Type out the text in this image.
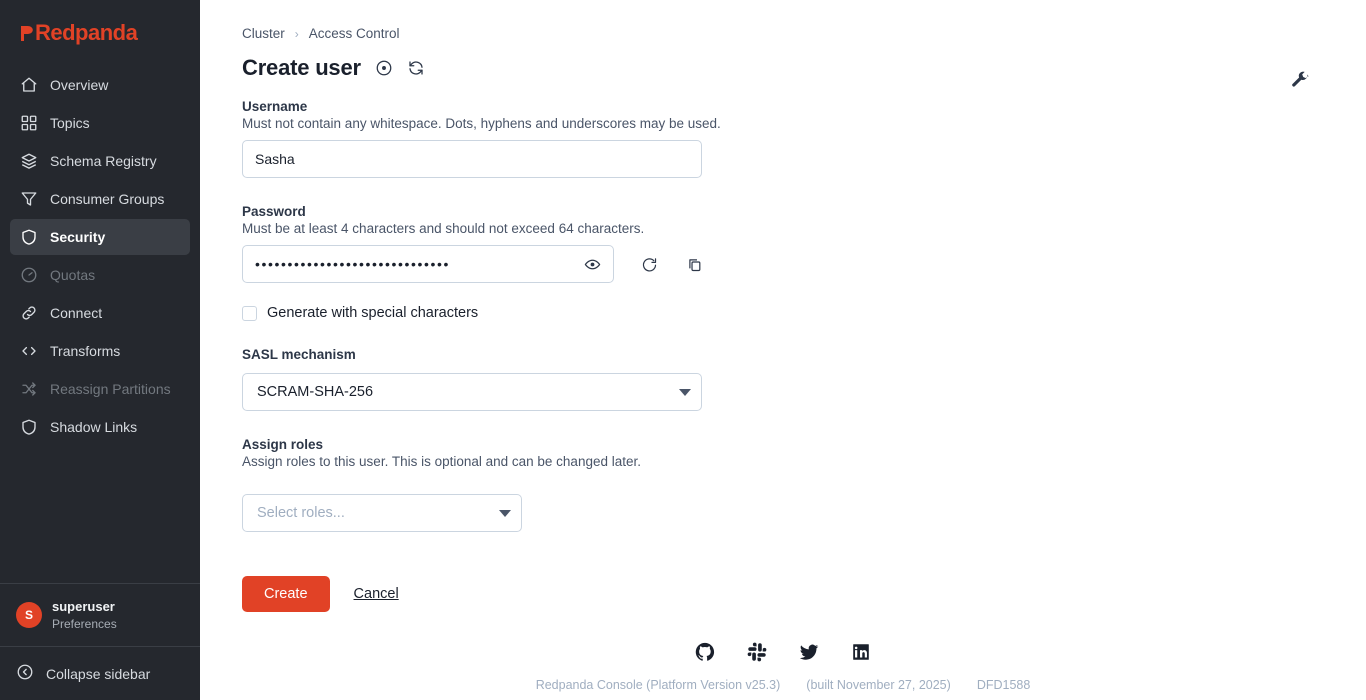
Redpanda
Overview
Topics
Schema Registry
Consumer Groups
Security
Quotas
Connect
Transforms
Reassign Partitions
Shadow Links
S
superuser
Preferences
Collapse sidebar
Cluster › Access Control
Create user
Username
Must not contain any whitespace. Dots, hyphens and underscores may be used.
Sasha
Password
Must be at least 4 characters and should not exceed 64 characters.
••••••••••••••••••••••••••••••
Generate with special characters
SASL mechanism
SCRAM-SHA-256
Assign roles
Assign roles to this user. This is optional and can be changed later.
Select roles...
Create	Cancel
Redpanda Console (Platform Version v25.3) (built November 27, 2025) DFD1588
